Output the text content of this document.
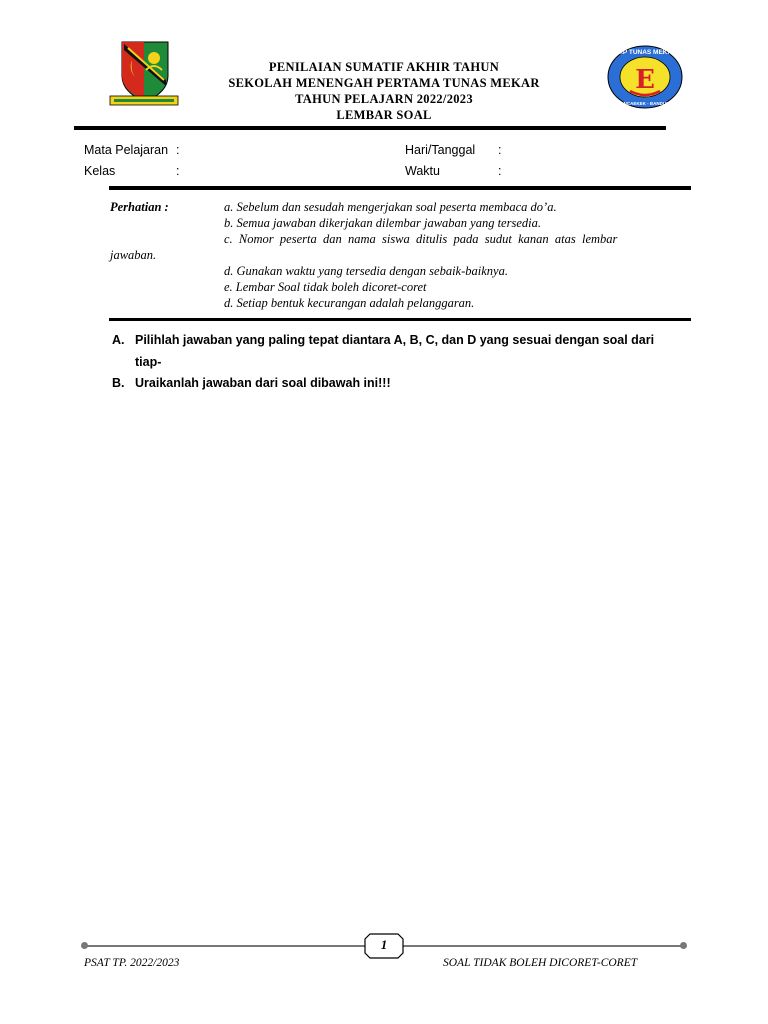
E
SMP TUNAS MEKAR
RANCAEKEK - BANDUNG
PENILAIAN SUMATIF AKHIR TAHUN
SEKOLAH MENENGAH PERTAMA TUNAS MEKAR
TAHUN PELAJARN 2022/2023
LEMBAR SOAL
Mata Pelajaran :	Hari/Tanggal :
Kelas	:	Waktu	:
Perhatian :	a. Sebelum dan sesudah mengerjakan soal peserta membaca do’a.
b. Semua jawaban dikerjakan dilembar jawaban yang tersedia.
c.  Nomor  peserta  dan  nama  siswa  ditulis  pada  sudut  kanan  atas  lembar
jawaban.
d. Gunakan waktu yang tersedia dengan sebaik-baiknya.
e. Lembar Soal tidak boleh dicoret-coret
d. Setiap bentuk kecurangan adalah pelanggaran.
A. Pilihlah jawaban yang paling tepat diantara A, B, C, dan D yang sesuai dengan soal dari
tiap-
B. Uraikanlah jawaban dari soal dibawah ini!!!
1
PSAT TP. 2022/2023	SOAL TIDAK BOLEH DICORET-CORET
